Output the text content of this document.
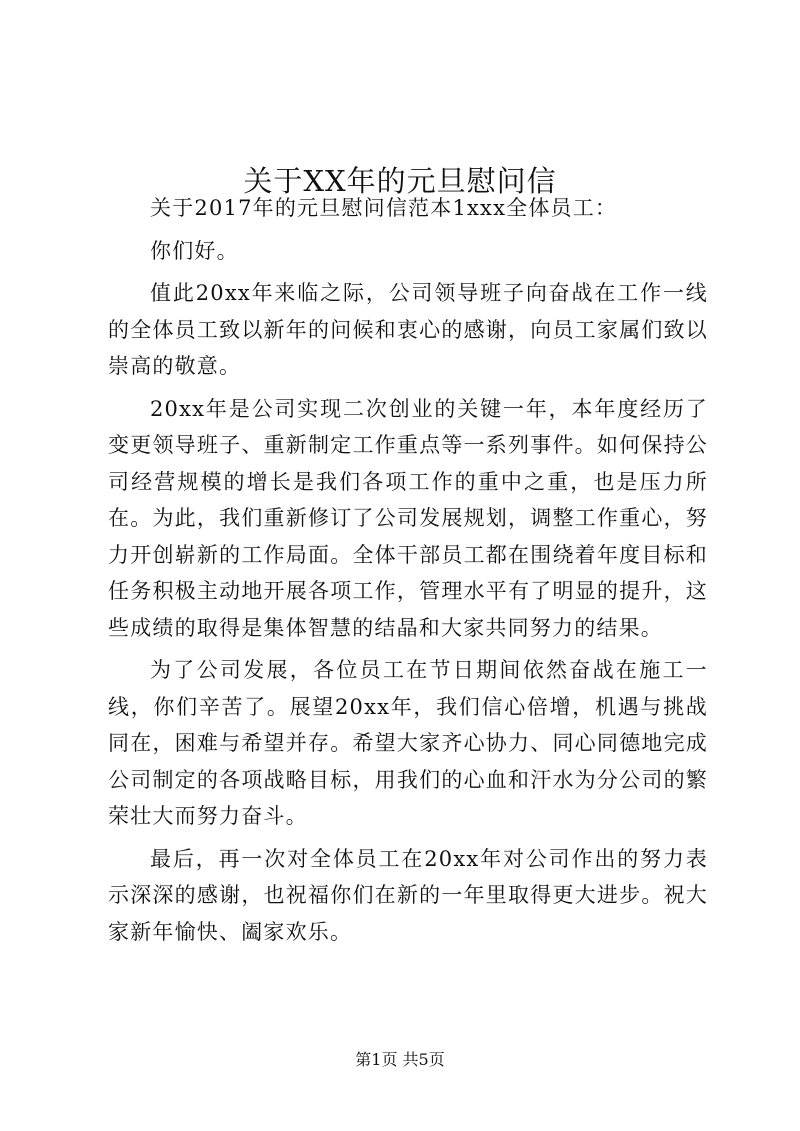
关于XX年的元旦慰问信

关于2017年的元旦慰问信范本1xxx全体员工：

你们好。

值此20xx年来临之际，公司领导班子向奋战在工作一线的全体员工致以新年的问候和衷心的感谢，向员工家属们致以崇高的敬意。

20xx年是公司实现二次创业的关键一年，本年度经历了变更领导班子、重新制定工作重点等一系列事件。如何保持公司经营规模的增长是我们各项工作的重中之重，也是压力所在。为此，我们重新修订了公司发展规划，调整工作重心，努力开创崭新的工作局面。全体干部员工都在围绕着年度目标和任务积极主动地开展各项工作，管理水平有了明显的提升，这些成绩的取得是集体智慧的结晶和大家共同努力的结果。

为了公司发展，各位员工在节日期间依然奋战在施工一线，你们辛苦了。展望20xx年，我们信心倍增，机遇与挑战同在，困难与希望并存。希望大家齐心协力、同心同德地完成公司制定的各项战略目标，用我们的心血和汗水为分公司的繁荣壮大而努力奋斗。

最后，再一次对全体员工在20xx年对公司作出的努力表示深深的感谢，也祝福你们在新的一年里取得更大进步。祝大家新年愉快、阖家欢乐。

第1页 共5页
